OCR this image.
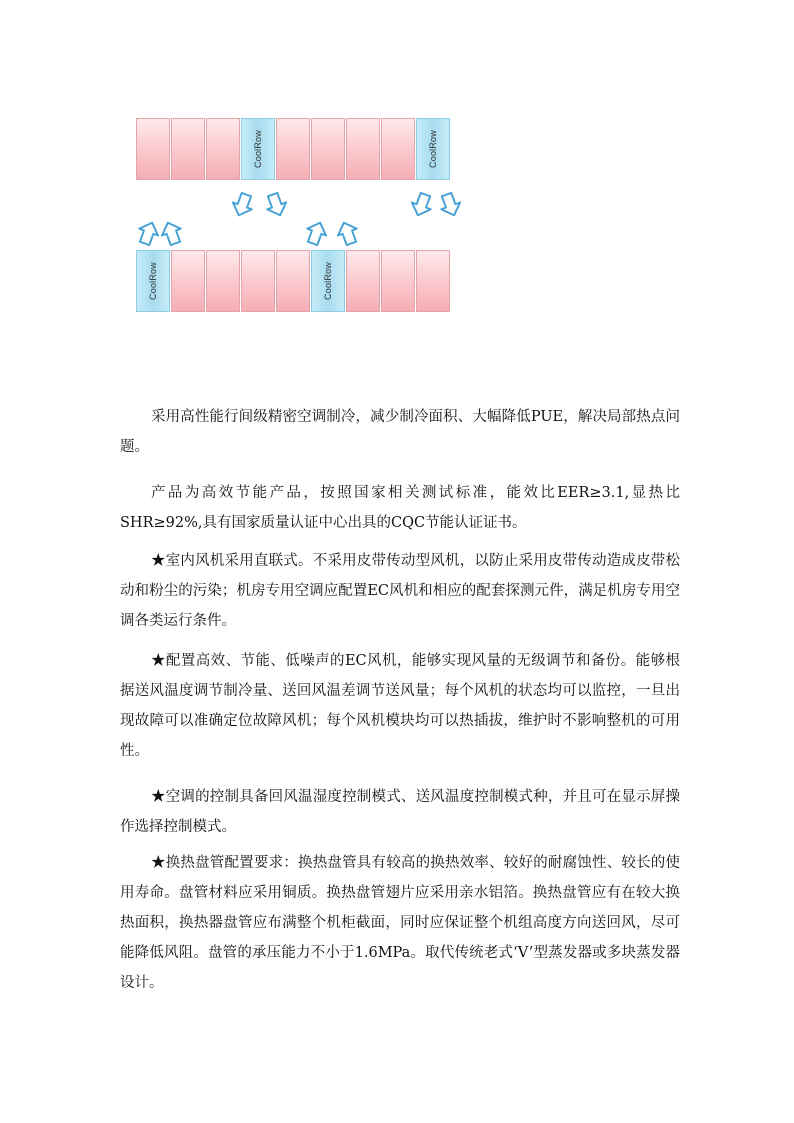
CoolRow	CoolRow
CoolRow	CoolRow

采用高性能行间级精密空调制冷，减少制冷面积、大幅降低PUE，解决局部热点问题。

产品为高效节能产品，按照国家相关测试标准，能效比EER≥3.1,显热比SHR≥92%,具有国家质量认证中心出具的CQC节能认证证书。

★室内风机采用直联式。不采用皮带传动型风机，以防止采用皮带传动造成皮带松动和粉尘的污染；机房专用空调应配置EC风机和相应的配套探测元件，满足机房专用空调各类运行条件。

★配置高效、节能、低噪声的EC风机，能够实现风量的无级调节和备份。能够根据送风温度调节制冷量、送回风温差调节送风量；每个风机的状态均可以监控，一旦出现故障可以准确定位故障风机；每个风机模块均可以热插拔，维护时不影响整机的可用性。

★空调的控制具备回风温湿度控制模式、送风温度控制模式种，并且可在显示屏操作选择控制模式。

★换热盘管配置要求：换热盘管具有较高的换热效率、较好的耐腐蚀性、较长的使用寿命。盘管材料应采用铜质。换热盘管翅片应采用亲水铝箔。换热盘管应有在较大换热面积，换热器盘管应布满整个机柜截面，同时应保证整个机组高度方向送回风，尽可能降低风阻。盘管的承压能力不小于1.6MPa。取代传统老式‘V’型蒸发器或多块蒸发器设计。
